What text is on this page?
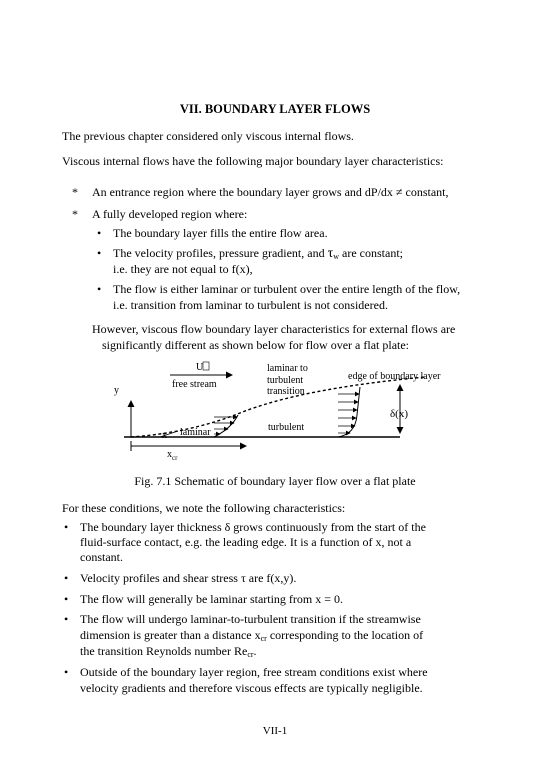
VII. BOUNDARY LAYER FLOWS
The previous chapter considered only viscous internal flows.
Viscous internal flows have the following major boundary layer characteristics:
* An entrance region where the boundary layer grows and dP/dx ≠ constant,
* A fully developed region where:
• The boundary layer fills the entire flow area.
• The velocity profiles, pressure gradient, and $\tau_w$ are constant;
i.e. they are not equal to f(x),
• The flow is either laminar or turbulent over the entire length of the flow,
i.e. transition from laminar to turbulent is not considered.
However, viscous flow boundary layer characteristics for external flows are
significantly different as shown below for flow over a flat plate:
U
free stream
y
δ(x)
laminar to
turbulent
transition
edge of boundary layer
turbulent
laminar
x
$x_{cr}$
Fig. 7.1 Schematic of boundary layer flow over a flat plate
For these conditions, we note the following characteristics:
• The boundary layer thickness δ grows continuously from the start of the
fluid-surface contact, e.g. the leading edge. It is a function of x, not a
constant.
• Velocity profiles and shear stress τ are f(x,y).
• The flow will generally be laminar starting from x = 0.
• The flow will undergo laminar-to-turbulent transition if the streamwise
dimension is greater than a distance $x_{cr}$ corresponding to the location of
the transition Reynolds number $Re_{cr}$.
• Outside of the boundary layer region, free stream conditions exist where
velocity gradients and therefore viscous effects are typically negligible.
VII-1
